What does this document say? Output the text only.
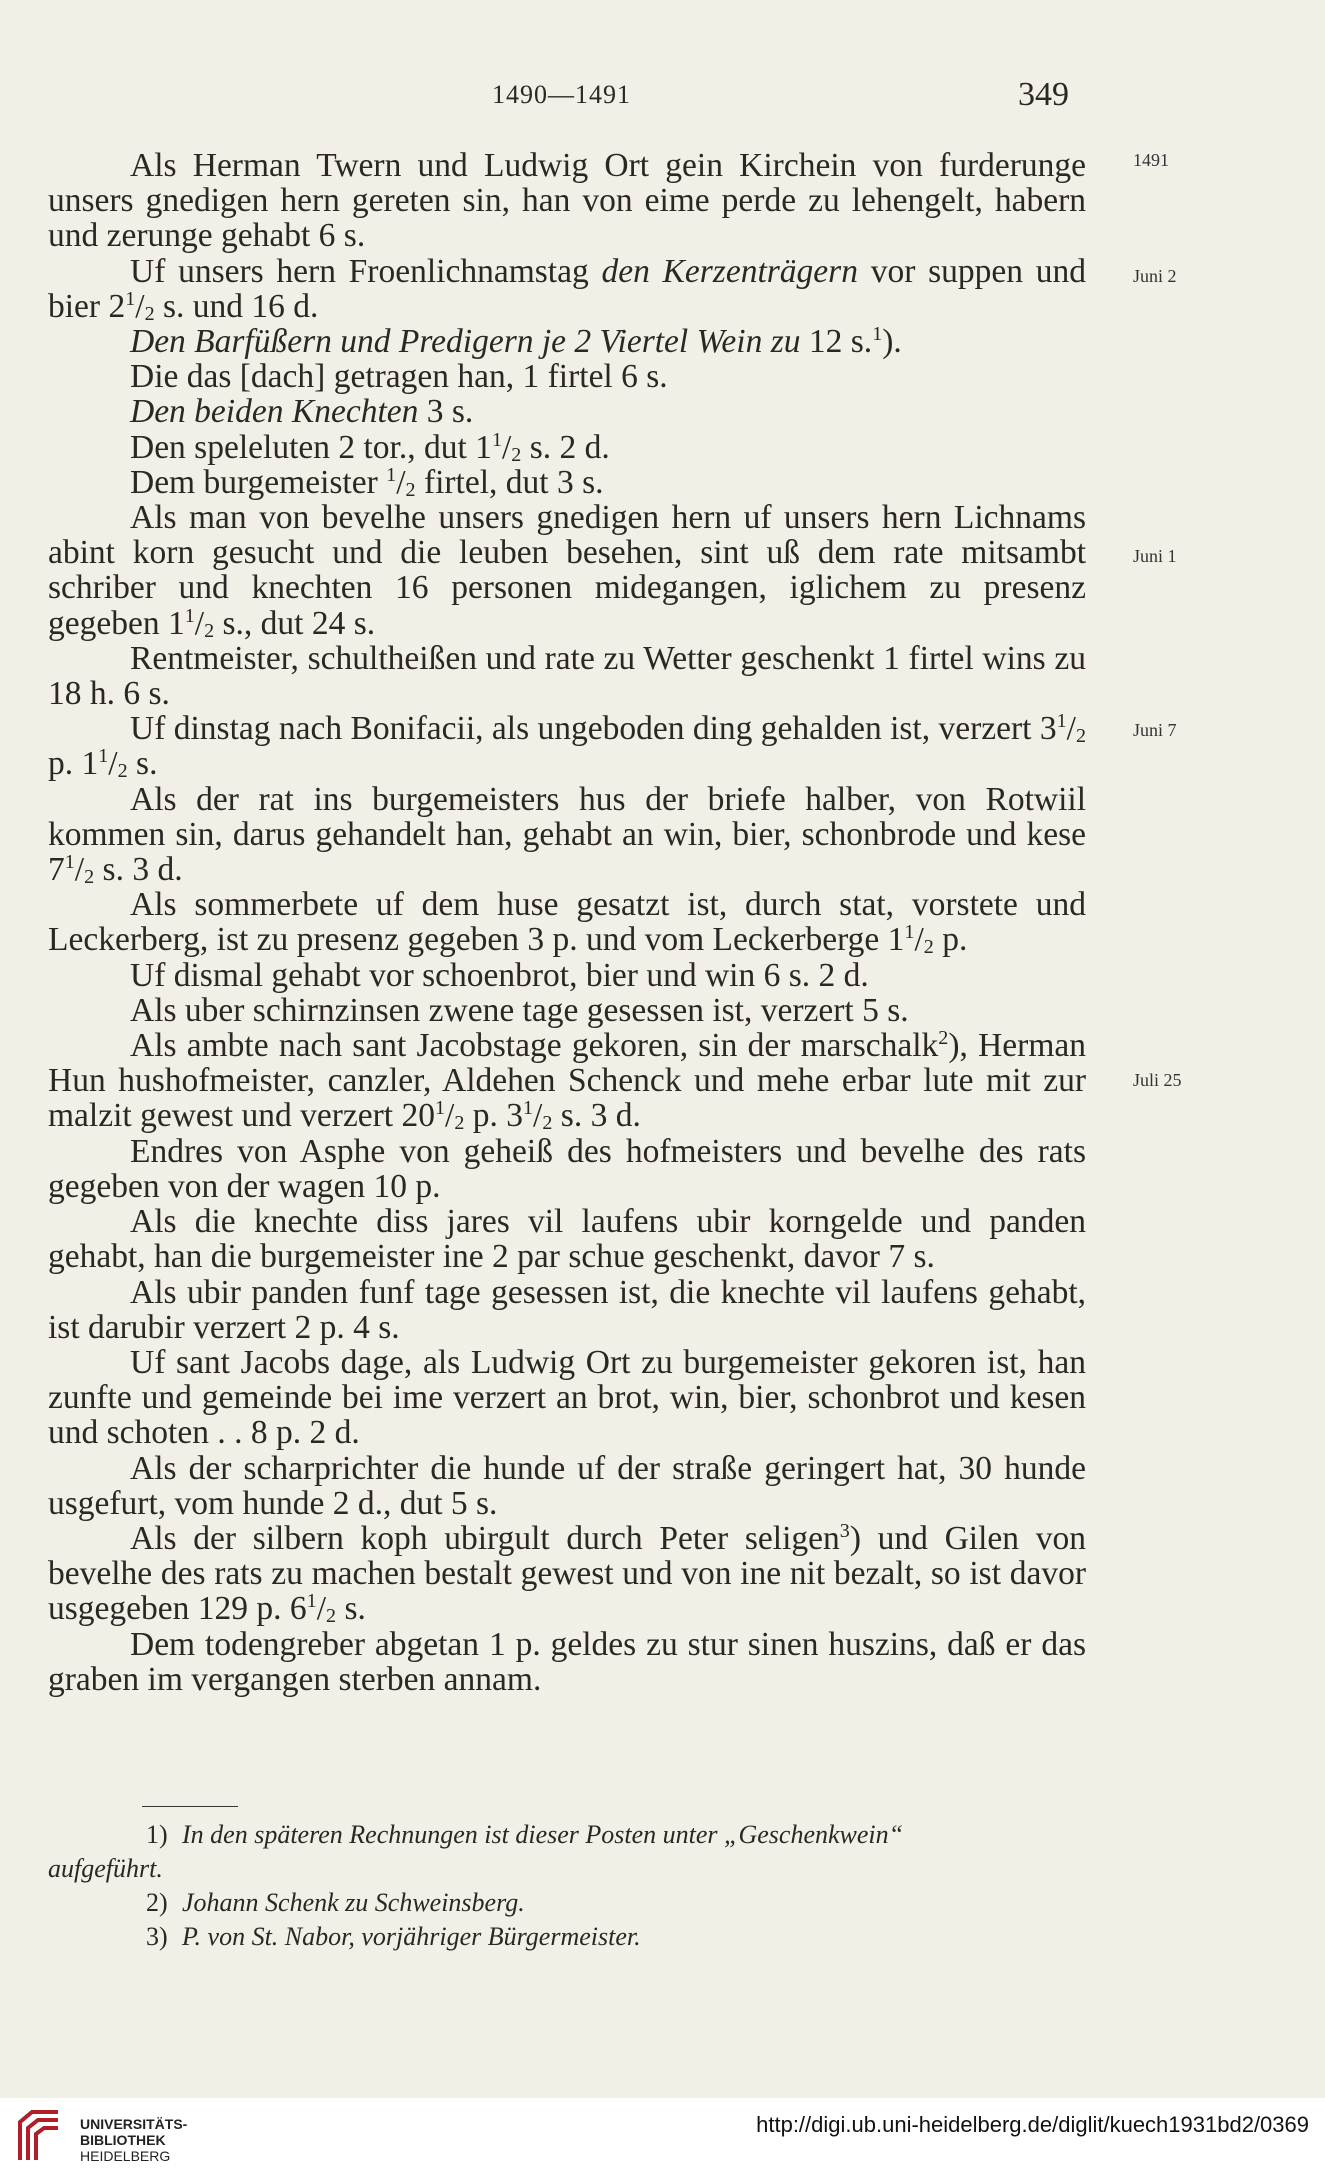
1490—1491	349
1491
Juni 2
Juni 1
Juni 7
Juli 25

Als Herman Twern und Ludwig Ort gein Kirchein von furderunge unsers gnedigen hern gereten sin, han von eime perde zu lehengelt, habern und zerunge gehabt 6 s.

Uf unsers hern Froenlichnamstag den Kerzenträgern vor suppen und bier $2^1/_2$ s. und 16 d.

Den Barfüßern und Predigern je 2 Viertel Wein zu 12 s.$^1$).

Die das [dach] getragen han, 1 firtel 6 s.

Den beiden Knechten 3 s.

Den speleluten 2 tor., dut $1^1/_2$ s. 2 d.

Dem burgemeister $^1/_2$ firtel, dut 3 s.

Als man von bevelhe unsers gnedigen hern uf unsers hern Lichnams abint korn gesucht und die leuben besehen, sint uß dem rate mitsambt schriber und knechten 16 personen midegangen, iglichem zu presenz gegeben $1^1/_2$ s., dut 24 s.

Rentmeister, schultheißen und rate zu Wetter geschenkt 1 firtel wins zu 18 h. 6 s.

Uf dinstag nach Bonifacii, als ungeboden ding gehalden ist, verzert $3^1/_2$ p. $1^1/_2$ s.

Als der rat ins burgemeisters hus der briefe halber, von Rotwiil kommen sin, darus gehandelt han, gehabt an win, bier, schonbrode und kese $7^1/_2$ s. 3 d.

Als sommerbete uf dem huse gesatzt ist, durch stat, vorstete und Leckerberg, ist zu presenz gegeben 3 p. und vom Leckerberge $1^1/_2$ p.

Uf dismal gehabt vor schoenbrot, bier und win 6 s. 2 d.

Als uber schirnzinsen zwene tage gesessen ist, verzert 5 s.

Als ambte nach sant Jacobstage gekoren, sin der marschalk$^2$), Herman Hun hushofmeister, canzler, Aldehen Schenck und mehe erbar lute mit zur malzit gewest und verzert $20^1/_2$ p. $3^1/_2$ s. 3 d.

Endres von Asphe von geheiß des hofmeisters und bevelhe des rats gegeben von der wagen 10 p.

Als die knechte diss jares vil laufens ubir korngelde und panden gehabt, han die burgemeister ine 2 par schue geschenkt, davor 7 s.

Als ubir panden funf tage gesessen ist, die knechte vil laufens gehabt, ist darubir verzert 2 p. 4 s.

Uf sant Jacobs dage, als Ludwig Ort zu burgemeister gekoren ist, han zunfte und gemeinde bei ime verzert an brot, win, bier, schonbrot und kesen und schoten . . 8 p. 2 d.

Als der scharprichter die hunde uf der straße geringert hat, 30 hunde usgefurt, vom hunde 2 d., dut 5 s.

Als der silbern koph ubirgult durch Peter seligen$^3$) und Gilen von bevelhe des rats zu machen bestalt gewest und von ine nit bezalt, so ist davor usgegeben 129 p. $6^1/_2$ s.

Dem todengreber abgetan 1 p. geldes zu stur sinen huszins, daß er das graben im vergangen sterben annam.

1) In den späteren Rechnungen ist dieser Posten unter „Geschenkwein“

aufgeführt.

2) Johann Schenk zu Schweinsberg.

3) P. von St. Nabor, vorjähriger Bürgermeister.

UNIVERSITÄTS-
BIBLIOTHEK
HEIDELBERG
http://digi.ub.uni-heidelberg.de/diglit/kuech1931bd2/0369
